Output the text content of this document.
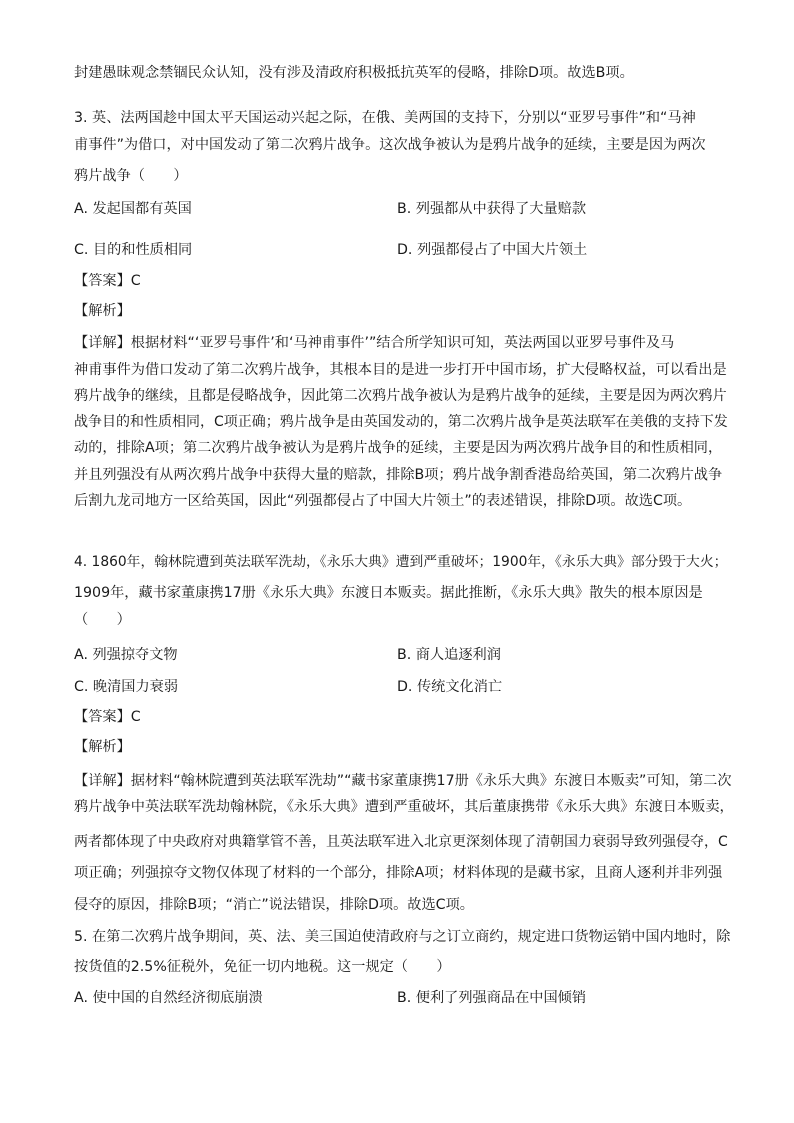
封建愚昧观念禁锢民众认知，没有涉及清政府积极抵抗英军的侵略，排除D项。故选B项。
3. 英、法两国趁中国太平天国运动兴起之际，在俄、美两国的支持下，分别以“亚罗号事件”和“马神
甫事件”为借口，对中国发动了第二次鸦片战争。这次战争被认为是鸦片战争的延续，主要是因为两次
鸦片战争（　　）
A. 发起国都有英国	B. 列强都从中获得了大量赔款
C. 目的和性质相同	D. 列强都侵占了中国大片领土
【答案】C
【解析】
【详解】根据材料“‘亚罗号事件’和‘马神甫事件’”结合所学知识可知，英法两国以亚罗号事件及马
神甫事件为借口发动了第二次鸦片战争，其根本目的是进一步打开中国市场，扩大侵略权益，可以看出是
鸦片战争的继续，且都是侵略战争，因此第二次鸦片战争被认为是鸦片战争的延续，主要是因为两次鸦片
战争目的和性质相同，C项正确；鸦片战争是由英国发动的，第二次鸦片战争是英法联军在美俄的支持下发
动的，排除A项；第二次鸦片战争被认为是鸦片战争的延续，主要是因为两次鸦片战争目的和性质相同，
并且列强没有从两次鸦片战争中获得大量的赔款，排除B项；鸦片战争割香港岛给英国，第二次鸦片战争
后割九龙司地方一区给英国，因此“列强都侵占了中国大片领土”的表述错误，排除D项。故选C项。
4. 1860年，翰林院遭到英法联军洗劫，《永乐大典》遭到严重破坏；1900年，《永乐大典》部分毁于大火；
1909年，藏书家董康携17册《永乐大典》东渡日本贩卖。据此推断，《永乐大典》散失的根本原因是
（　　）
A. 列强掠夺文物	B. 商人追逐利润
C. 晚清国力衰弱	D. 传统文化消亡
【答案】C
【解析】
【详解】据材料“翰林院遭到英法联军洗劫”“藏书家董康携17册《永乐大典》东渡日本贩卖”可知，第二次
鸦片战争中英法联军洗劫翰林院，《永乐大典》遭到严重破坏，其后董康携带《永乐大典》东渡日本贩卖，
两者都体现了中央政府对典籍掌管不善，且英法联军进入北京更深刻体现了清朝国力衰弱导致列强侵夺，C
项正确；列强掠夺文物仅体现了材料的一个部分，排除A项；材料体现的是藏书家，且商人逐利并非列强
侵夺的原因，排除B项；“消亡”说法错误，排除D项。故选C项。
5. 在第二次鸦片战争期间，英、法、美三国迫使清政府与之订立商约，规定进口货物运销中国内地时，除
按货值的2.5%征税外，免征一切内地税。这一规定（　　）
A. 使中国的自然经济彻底崩溃	B. 便利了列强商品在中国倾销
